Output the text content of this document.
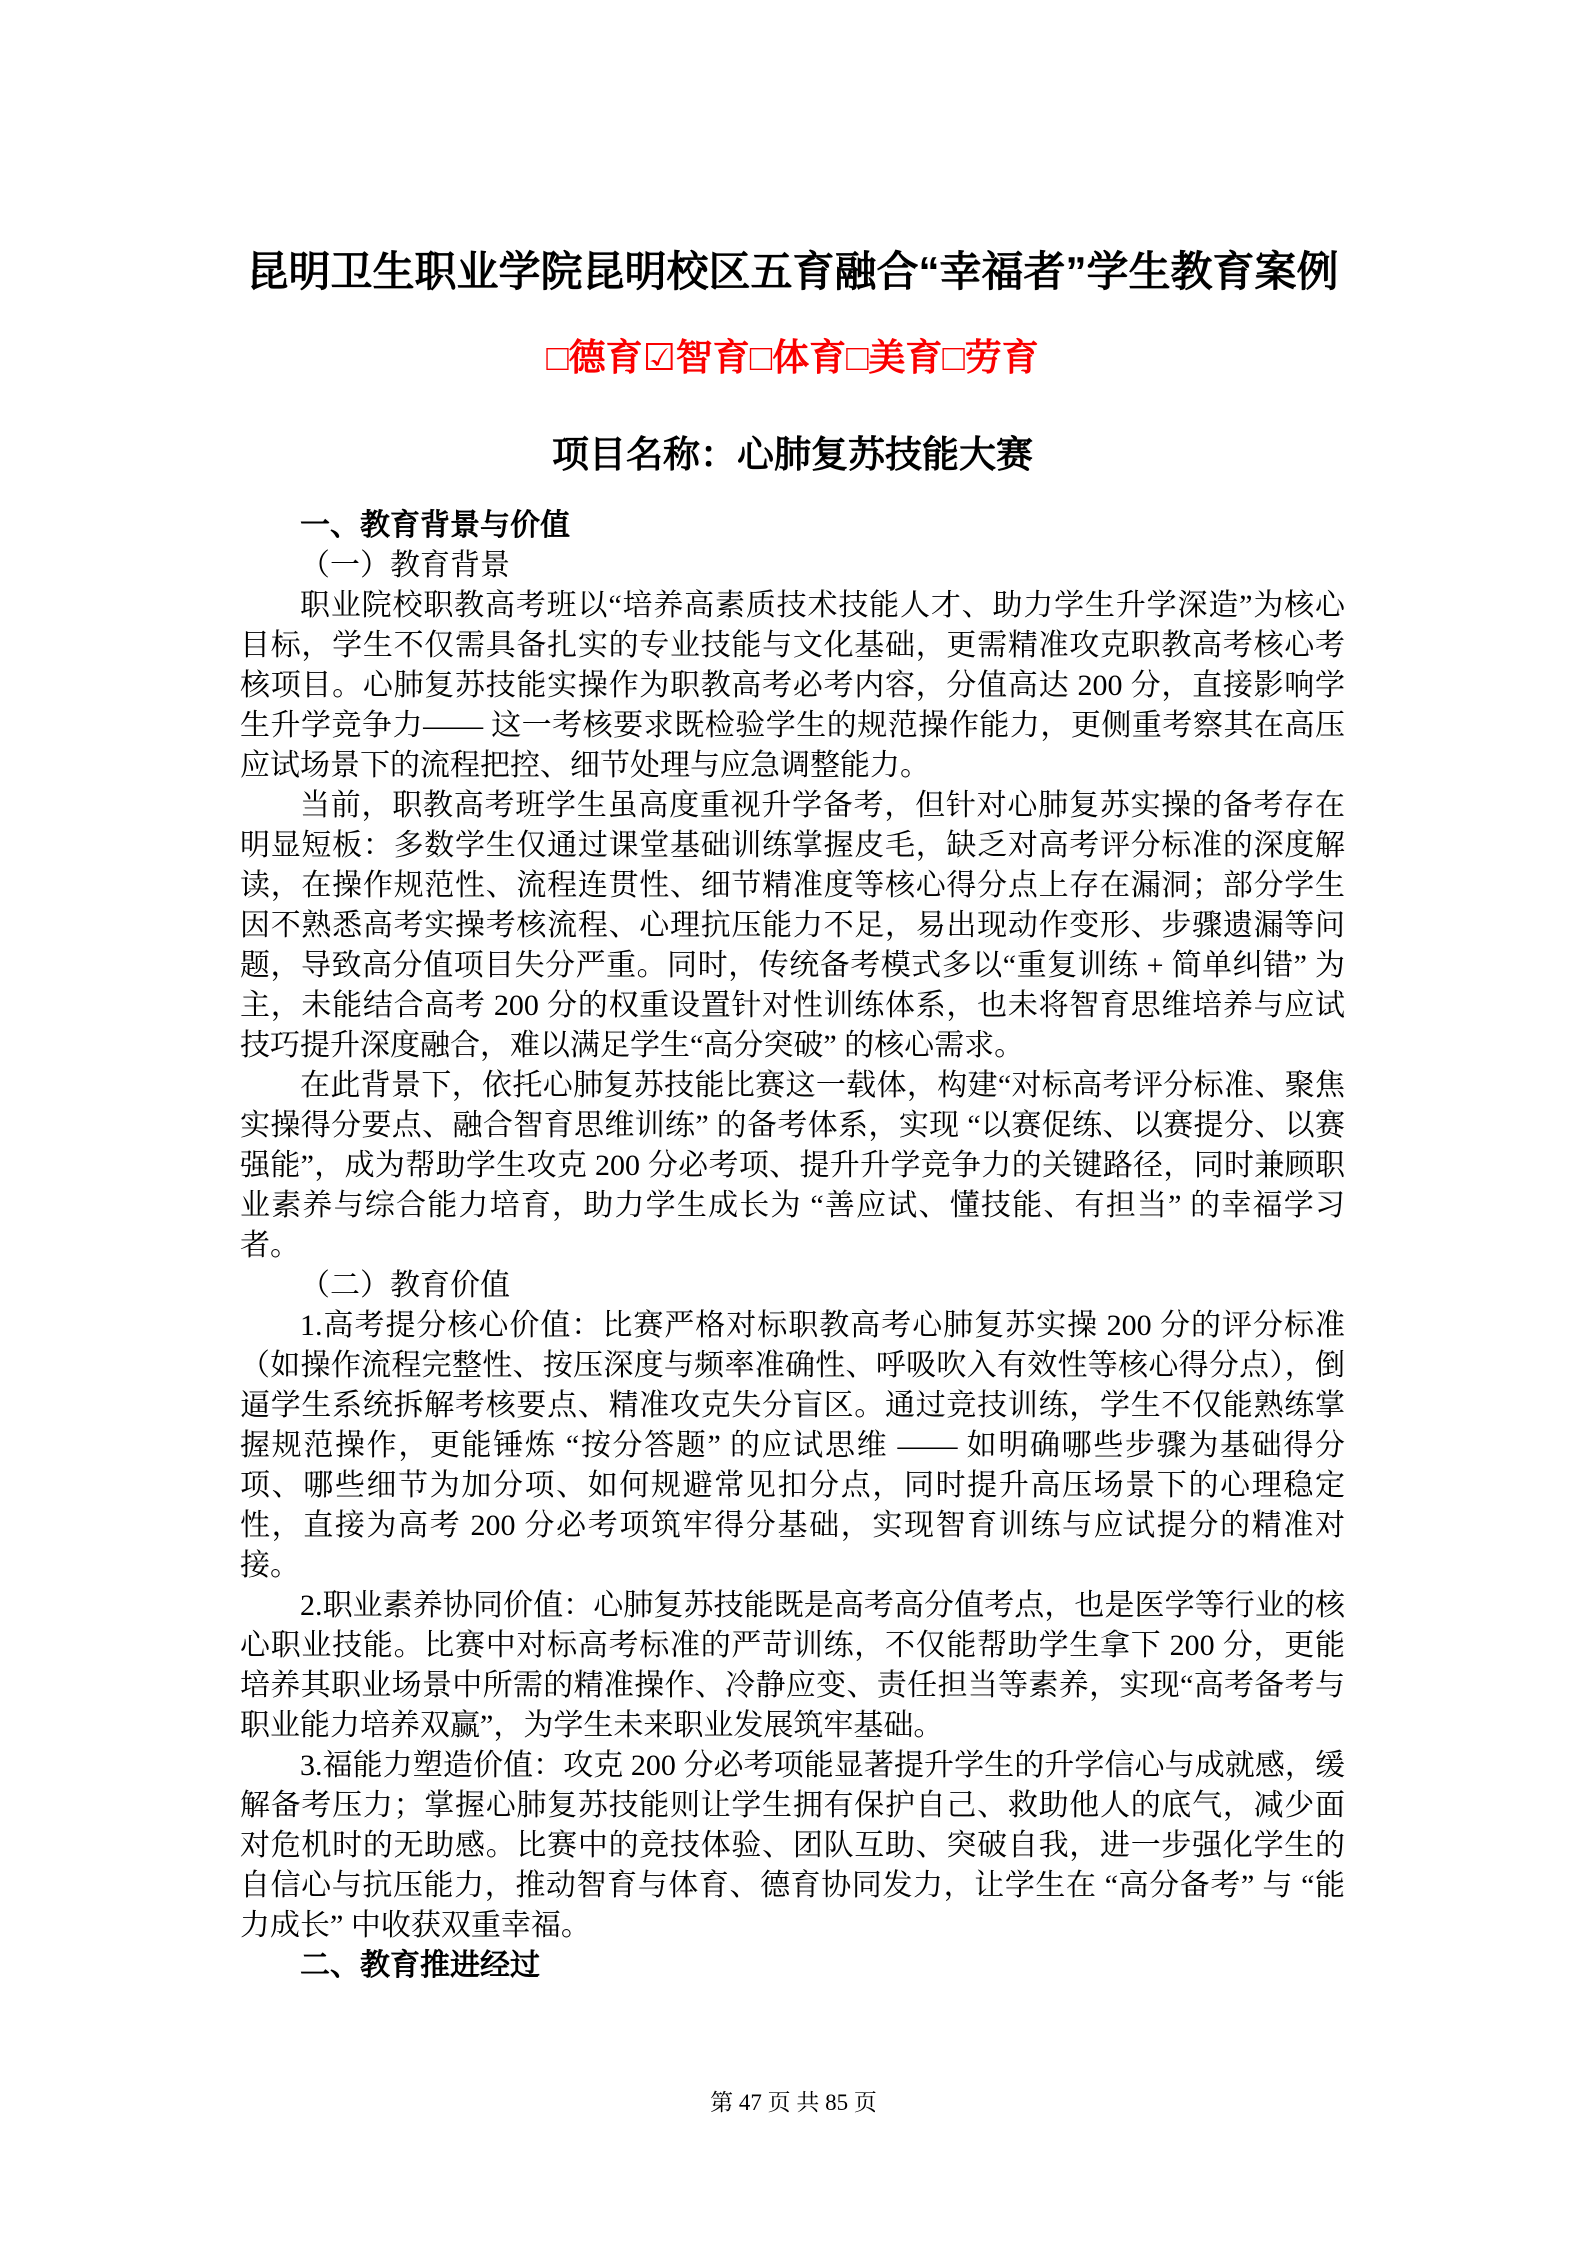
昆明卫生职业学院昆明校区五育融合“幸福者”学生教育案例
□德育☑智育□体育□美育□劳育
项目名称：心肺复苏技能大赛

一、教育背景与价值

（一）教育背景

职业院校职教高考班以“培养高素质技术技能人才、助力学生升学深造”为核心目标，学生不仅需具备扎实的专业技能与文化基础，更需精准攻克职教高考核心考核项目。心肺复苏技能实操作为职教高考必考内容，分值高达 200 分，直接影响学生升学竞争力—— 这一考核要求既检验学生的规范操作能力，更侧重考察其在高压应试场景下的流程把控、细节处理与应急调整能力。

当前，职教高考班学生虽高度重视升学备考，但针对心肺复苏实操的备考存在明显短板：多数学生仅通过课堂基础训练掌握皮毛，缺乏对高考评分标准的深度解读，在操作规范性、流程连贯性、细节精准度等核心得分点上存在漏洞；部分学生因不熟悉高考实操考核流程、心理抗压能力不足，易出现动作变形、步骤遗漏等问题，导致高分值项目失分严重。同时，传统备考模式多以“重复训练 + 简单纠错” 为主，未能结合高考 200 分的权重设置针对性训练体系，也未将智育思维培养与应试技巧提升深度融合，难以满足学生“高分突破” 的核心需求。

在此背景下，依托心肺复苏技能比赛这一载体，构建“对标高考评分标准、聚焦实操得分要点、融合智育思维训练” 的备考体系，实现 “以赛促练、以赛提分、以赛强能”，成为帮助学生攻克 200 分必考项、提升升学竞争力的关键路径，同时兼顾职业素养与综合能力培育，助力学生成长为 “善应试、懂技能、有担当” 的幸福学习者。

（二）教育价值

1.高考提分核心价值：比赛严格对标职教高考心肺复苏实操 200 分的评分标准（如操作流程完整性、按压深度与频率准确性、呼吸吹入有效性等核心得分点），倒逼学生系统拆解考核要点、精准攻克失分盲区。通过竞技训练，学生不仅能熟练掌握规范操作，更能锤炼 “按分答题” 的应试思维 —— 如明确哪些步骤为基础得分项、哪些细节为加分项、如何规避常见扣分点，同时提升高压场景下的心理稳定性，直接为高考 200 分必考项筑牢得分基础，实现智育训练与应试提分的精准对接。

2.职业素养协同价值：心肺复苏技能既是高考高分值考点，也是医学等行业的核心职业技能。比赛中对标高考标准的严苛训练，不仅能帮助学生拿下 200 分，更能培养其职业场景中所需的精准操作、冷静应变、责任担当等素养，实现“高考备考与职业能力培养双赢”，为学生未来职业发展筑牢基础。

3.福能力塑造价值：攻克 200 分必考项能显著提升学生的升学信心与成就感，缓解备考压力；掌握心肺复苏技能则让学生拥有保护自己、救助他人的底气，减少面对危机时的无助感。比赛中的竞技体验、团队互助、突破自我，进一步强化学生的自信心与抗压能力，推动智育与体育、德育协同发力，让学生在 “高分备考” 与 “能力成长” 中收获双重幸福。

二、教育推进经过

第 47 页 共 85 页
